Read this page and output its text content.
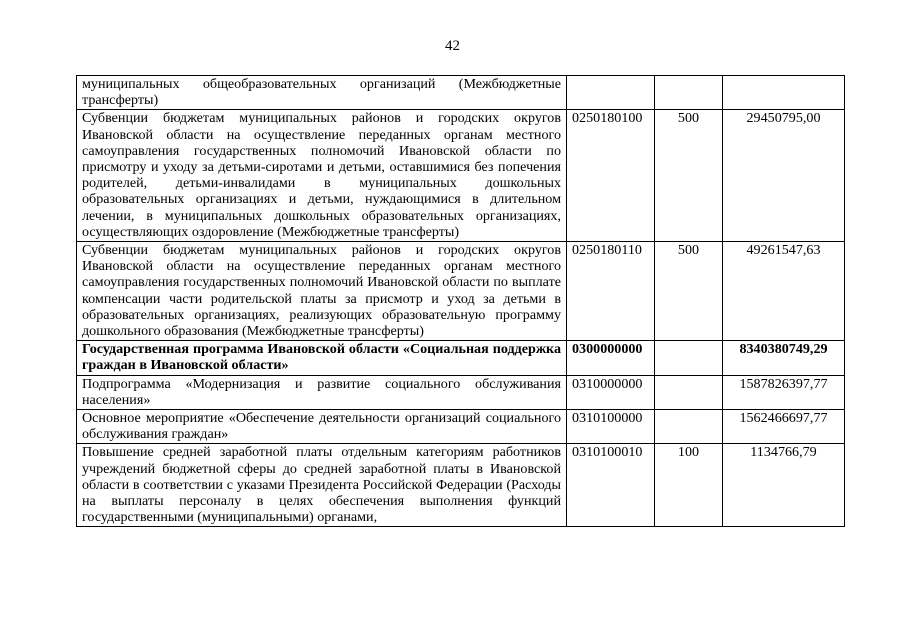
42
муниципальных общеобразовательных организаций (Межбюджетные трансферты)			
Субвенции бюджетам муниципальных районов и городских округов Ивановской области на осуществление переданных органам местного самоуправления государственных полномочий Ивановской области по присмотру и уходу за детьми-сиротами и детьми, оставшимися без попечения родителей, детьми-инвалидами в муниципальных дошкольных образовательных организациях и детьми, нуждающимися в длительном лечении, в муниципальных дошкольных образовательных организациях, осуществляющих оздоровление (Межбюджетные трансферты)	0250180100	500	29450795,00
Субвенции бюджетам муниципальных районов и городских округов Ивановской области на осуществление переданных органам местного самоуправления государственных полномочий Ивановской области по выплате компенсации части родительской платы за присмотр и уход за детьми в образовательных организациях, реализующих образовательную программу дошкольного образования (Межбюджетные трансферты)	0250180110	500	49261547,63
Государственная программа Ивановской области «Социальная поддержка граждан в Ивановской области»	0300000000		8340380749,29
Подпрограмма «Модернизация и развитие социального обслуживания населения»	0310000000		1587826397,77
Основное мероприятие «Обеспечение деятельности организаций социального обслуживания граждан»	0310100000		1562466697,77
Повышение средней заработной платы отдельным категориям работников учреждений бюджетной сферы до средней заработной платы в Ивановской области в соответствии с указами Президента Российской Федерации (Расходы на выплаты персоналу в целях обеспечения выполнения функций государственными (муниципальными) органами,	0310100010	100	1134766,79
